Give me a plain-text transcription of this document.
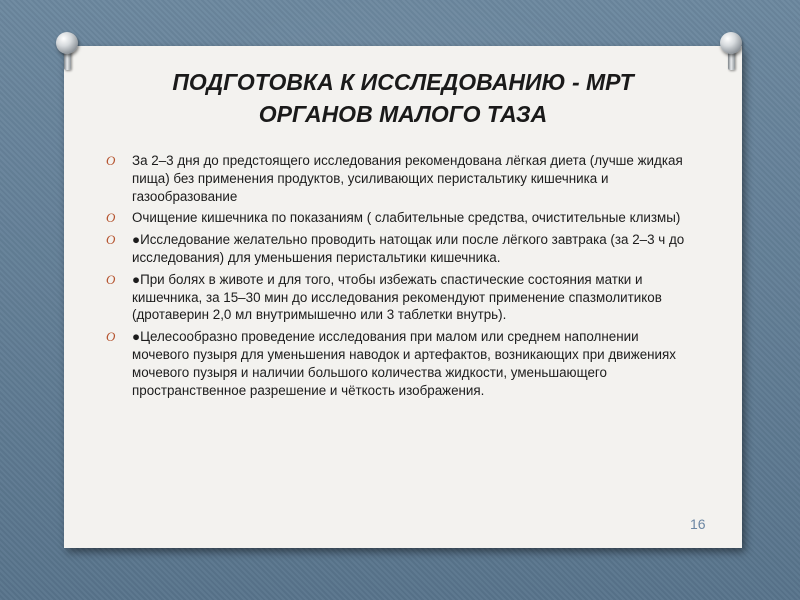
ПОДГОТОВКА К ИССЛЕДОВАНИЮ - МРТ
ОРГАНОВ МАЛОГО ТАЗА
O За 2–3 дня до предстоящего исследования рекомендована лёгкая диета (лучше жидкая пища) без применения продуктов, усиливающих перистальтику кишечника и газообразование
O Очищение кишечника по показаниям ( слабительные средства, очистительные клизмы)
O ●Исследование желательно проводить натощак или после лёгкого завтрака (за 2–3 ч до исследования) для уменьшения перистальтики кишечника.
O ●При болях в животе и для того, чтобы избежать спастические состояния матки и кишечника, за 15–30 мин до исследования рекомендуют применение спазмолитиков (дротаверин 2,0 мл внутримышечно или 3 таблетки внутрь).
O ●Целесообразно проведение исследования при малом или среднем наполнении мочевого пузыря для уменьшения наводок и артефактов, возникающих при движениях мочевого пузыря и наличии большого количества жидкости, уменьшающего пространственное разрешение и чёткость изображения.
16
